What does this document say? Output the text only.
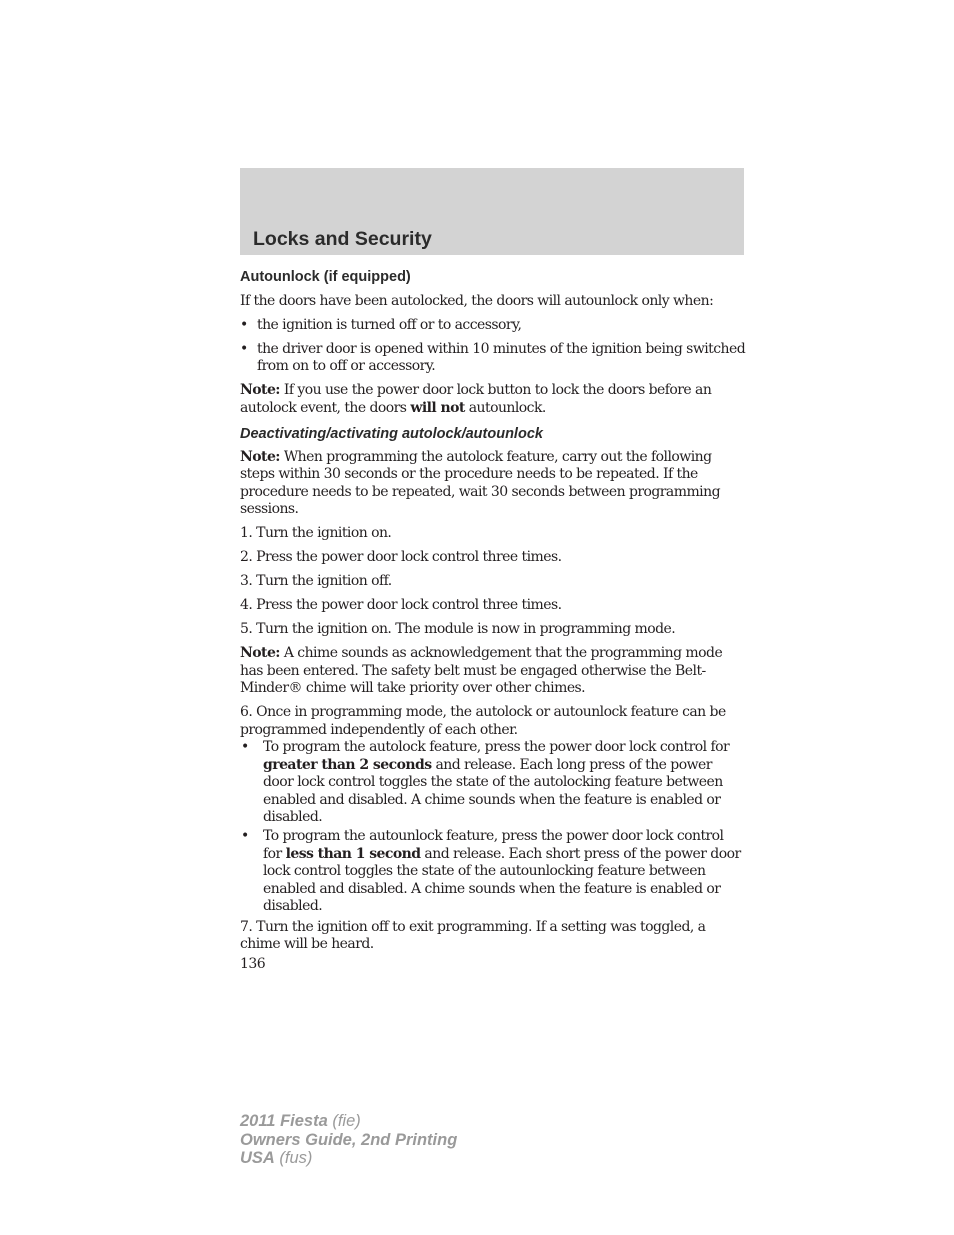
Locks and Security

Autounlock (if equipped)

If the doors have been autolocked, the doors will autounlock only when:

• the ignition is turned off or to accessory,
• the driver door is opened within 10 minutes of the ignition being switched from on to off or accessory.

Note: If you use the power door lock button to lock the doors before an autolock event, the doors will not autounlock.

Deactivating/activating autolock/autounlock

Note: When programming the autolock feature, carry out the following steps within 30 seconds or the procedure needs to be repeated. If the procedure needs to be repeated, wait 30 seconds between programming sessions.

1. Turn the ignition on.

2. Press the power door lock control three times.

3. Turn the ignition off.

4. Press the power door lock control three times.

5. Turn the ignition on. The module is now in programming mode.

Note: A chime sounds as acknowledgement that the programming mode has been entered. The safety belt must be engaged otherwise the Belt-Minder® chime will take priority over other chimes.

6. Once in programming mode, the autolock or autounlock feature can be programmed independently of each other.

• To program the autolock feature, press the power door lock control for greater than 2 seconds and release. Each long press of the power door lock control toggles the state of the autolocking feature between enabled and disabled. A chime sounds when the feature is enabled or disabled.
• To program the autounlock feature, press the power door lock control for less than 1 second and release. Each short press of the power door lock control toggles the state of the autounlocking feature between enabled and disabled. A chime sounds when the feature is enabled or disabled.

7. Turn the ignition off to exit programming. If a setting was toggled, a chime will be heard.

136

2011 Fiesta (fie)
Owners Guide, 2nd Printing
USA (fus)
